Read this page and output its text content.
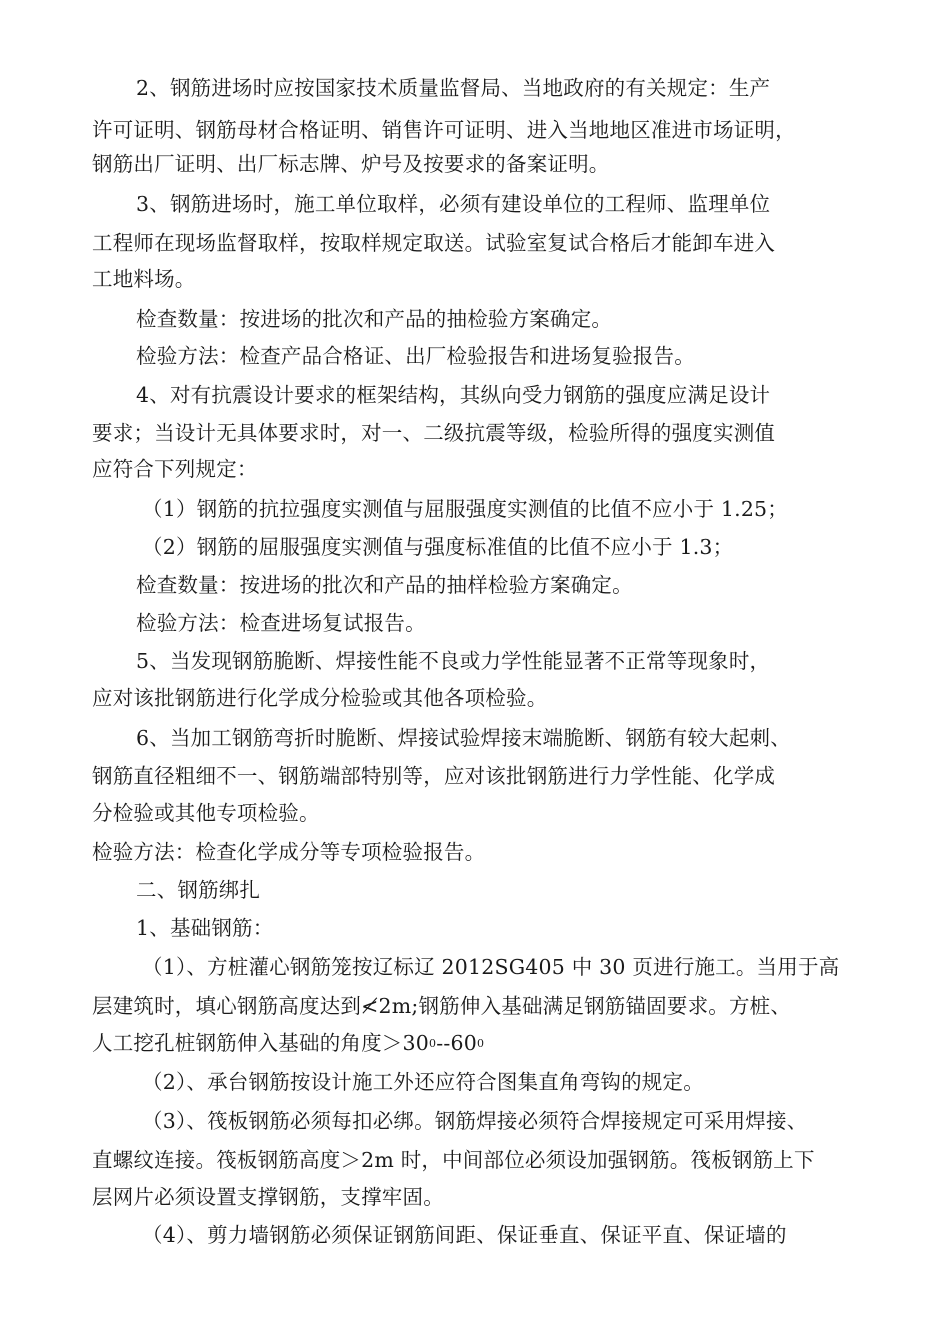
2、钢筋进场时应按国家技术质量监督局、当地政府的有关规定：生产
许可证明、钢筋母材合格证明、销售许可证明、进入当地地区准进市场证明，
钢筋出厂证明、出厂标志牌、炉号及按要求的备案证明。
3、钢筋进场时，施工单位取样，必须有建设单位的工程师、监理单位
工程师在现场监督取样，按取样规定取送。试验室复试合格后才能卸车进入
工地料场。
检查数量：按进场的批次和产品的抽检验方案确定。
检验方法：检查产品合格证、出厂检验报告和进场复验报告。
4、对有抗震设计要求的框架结构，其纵向受力钢筋的强度应满足设计
要求；当设计无具体要求时，对一、二级抗震等级，检验所得的强度实测值
应符合下列规定：
（1）钢筋的抗拉强度实测值与屈服强度实测值的比值不应小于 1.25；
（2）钢筋的屈服强度实测值与强度标准值的比值不应小于 1.3；
检查数量：按进场的批次和产品的抽样检验方案确定。
检验方法：检查进场复试报告。
5、当发现钢筋脆断、焊接性能不良或力学性能显著不正常等现象时，
应对该批钢筋进行化学成分检验或其他各项检验。
6、当加工钢筋弯折时脆断、焊接试验焊接末端脆断、钢筋有较大起刺、
钢筋直径粗细不一、钢筋端部特别等，应对该批钢筋进行力学性能、化学成
分检验或其他专项检验。
检验方法：检查化学成分等专项检验报告。
二、钢筋绑扎
1、基础钢筋：
（1）、方桩灌心钢筋笼按辽标辽 2012SG405 中 30 页进行施工。当用于高
层建筑时，填心钢筋高度达到≮2m;钢筋伸入基础满足钢筋锚固要求。方桩、
人工挖孔桩钢筋伸入基础的角度$>30^0--60^0$
（2）、承台钢筋按设计施工外还应符合图集直角弯钩的规定。
（3）、筏板钢筋必须每扣必绑。钢筋焊接必须符合焊接规定可采用焊接、
直螺纹连接。筏板钢筋高度＞2m 时，中间部位必须设加强钢筋。筏板钢筋上下
层网片必须设置支撑钢筋，支撑牢固。
（4）、剪力墙钢筋必须保证钢筋间距、保证垂直、保证平直、保证墙的
